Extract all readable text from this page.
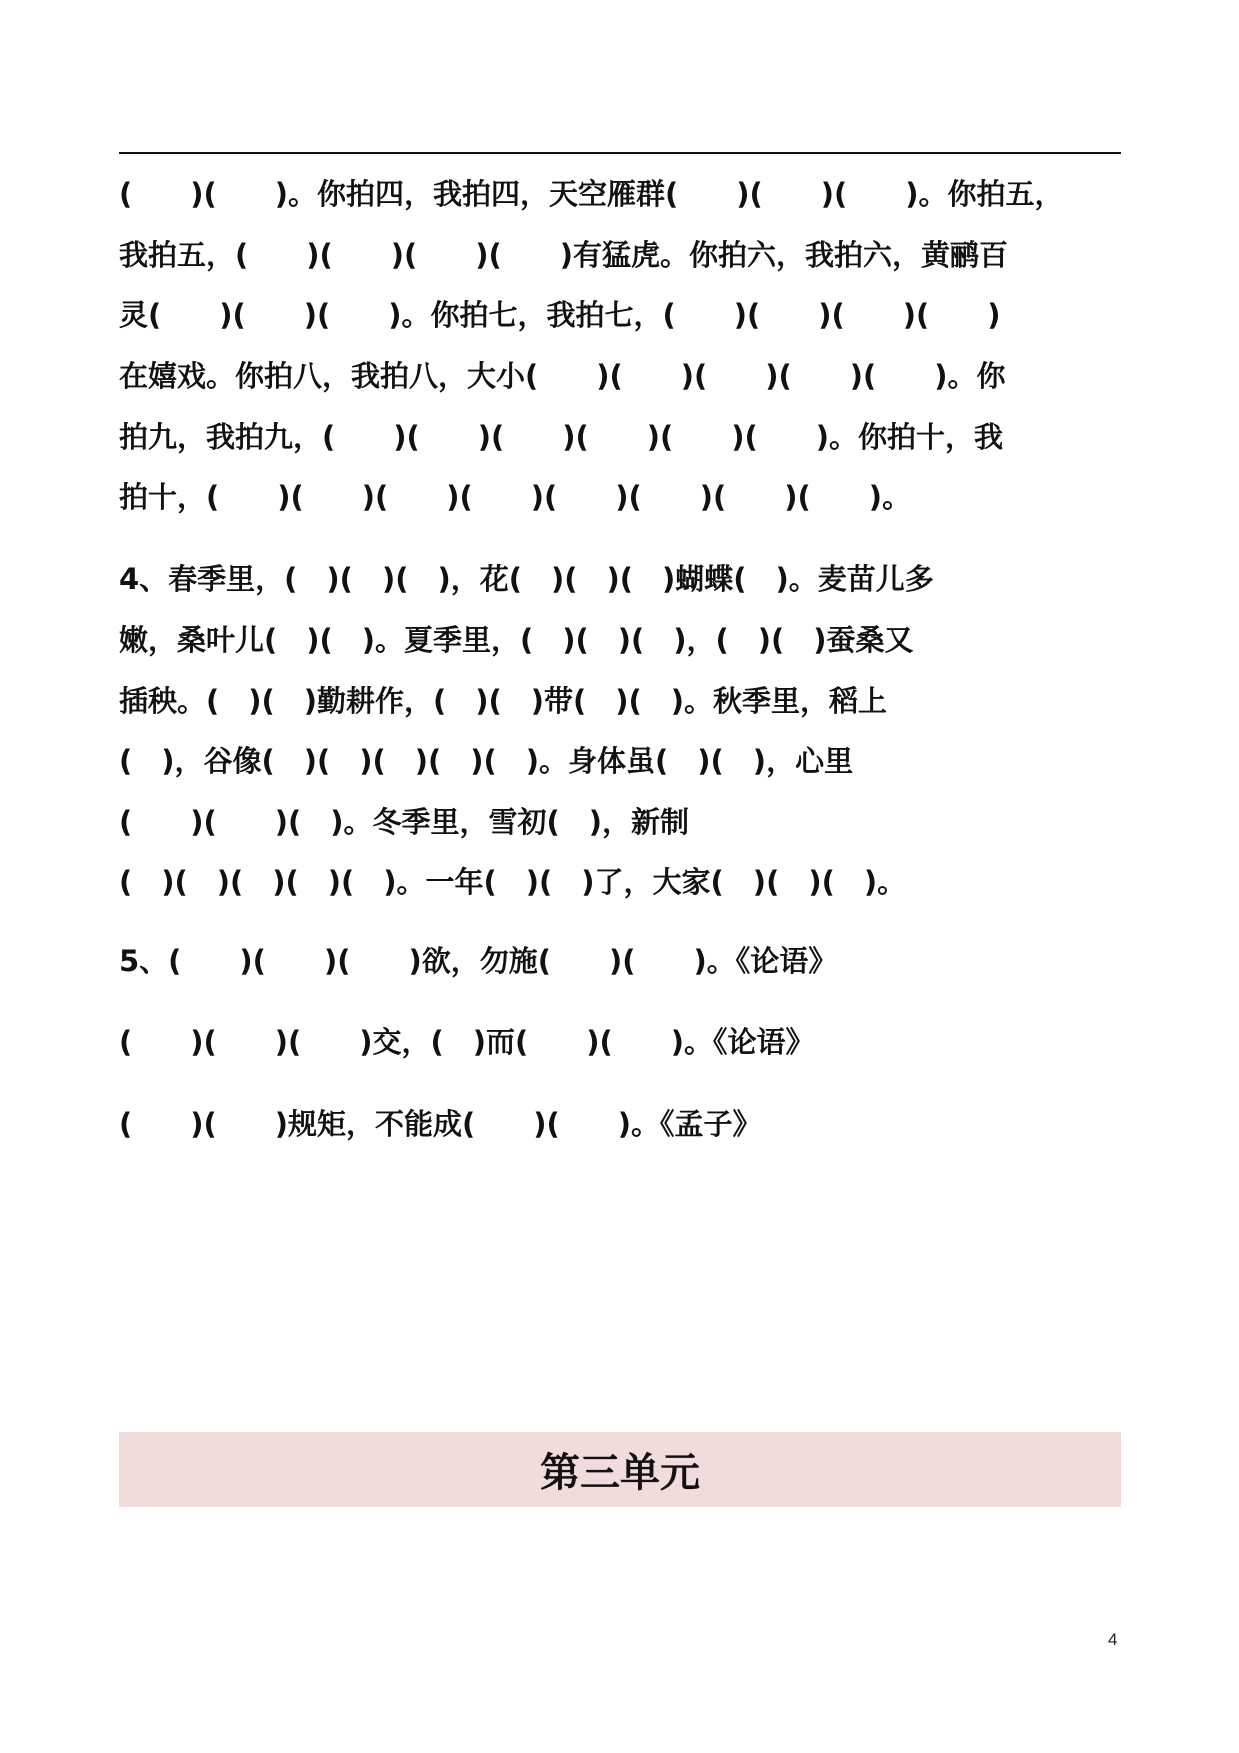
(　　)(　　)。你拍四，我拍四，天空雁群(　　)(　　)(　　)。你拍五，
我拍五，(　　)(　　)(　　)(　　)有猛虎。你拍六，我拍六，黄鹂百
灵(　　)(　　)(　　)。你拍七，我拍七，(　　)(　　)(　　)(　　)
在嬉戏。你拍八，我拍八，大小(　　)(　　)(　　)(　　)(　　)。你
拍九，我拍九，(　　)(　　)(　　)(　　)(　　)(　　)。你拍十，我
拍十，(　　)(　　)(　　)(　　)(　　)(　　)(　　)(　　)。
4、春季里，(　)(　)(　)，花(　)(　)(　)蝴蝶(　)。麦苗儿多
嫩，桑叶儿(　)(　)。夏季里，(　)(　)(　)，(　)(　)蚕桑又
插秧。(　)(　)勤耕作，(　)(　)带(　)(　)。秋季里，稻上
(　)，谷像(　)(　)(　)(　)(　)。身体虽(　)(　)，心里
(　　)(　　)(　)。冬季里，雪初(　)，新制
(　)(　)(　)(　)(　)。一年(　)(　)了，大家(　)(　)(　)。
5、(　　)(　　)(　　)欲，勿施(　　)(　　)。《论语》
(　　)(　　)(　　)交，(　)而(　　)(　　)。《论语》
(　　)(　　)规矩，不能成(　　)(　　)。《孟子》
第三单元
4
